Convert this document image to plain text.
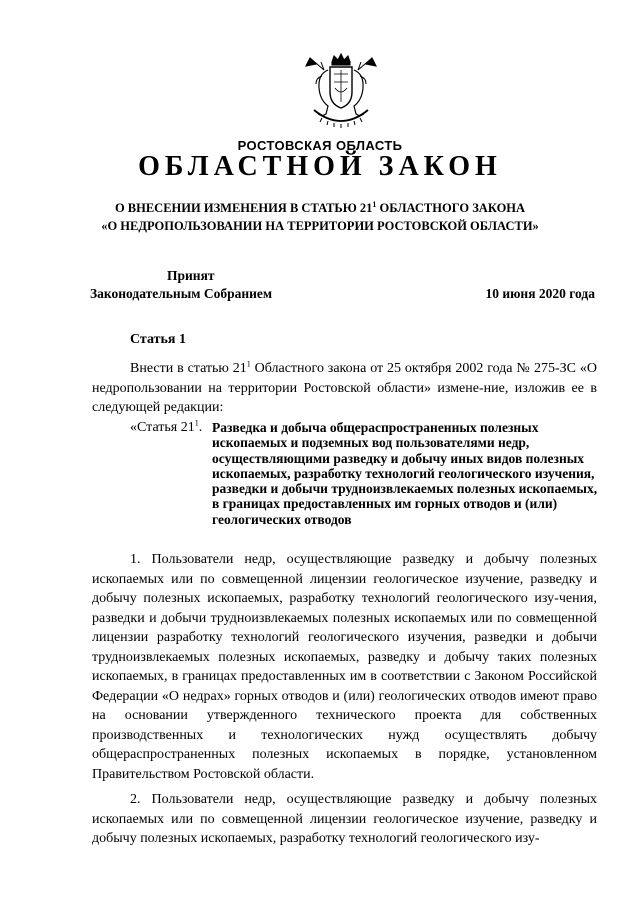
РОСТОВСКАЯ ОБЛАСТЬ
ОБЛАСТНОЙ ЗАКОН
О ВНЕСЕНИИ ИЗМЕНЕНИЯ В СТАТЬЮ $21^1$ ОБЛАСТНОГО ЗАКОНА
«О НЕДРОПОЛЬЗОВАНИИ НА ТЕРРИТОРИИ РОСТОВСКОЙ ОБЛАСТИ»
Принят
Законодательным Собранием	10 июня 2020 года
Статья 1
Внести в статью $21^1$ Областного закона от 25 октября 2002 года № 275-ЗС «О недропользовании на территории Ростовской области» измене-ние, изложив ее в следующей редакции:
«Статья $21^1$. Разведка и добыча общераспространенных полезных ископаемых и подземных вод пользователями недр, осуществляющими разведку и добычу иных видов полезных ископаемых, разработку технологий геологического изучения, разведки и добычи трудноизвлекаемых полезных ископаемых, в границах предоставленных им горных отводов и (или) геологических отводов
1. Пользователи недр, осуществляющие разведку и добычу полезных ископаемых или по совмещенной лицензии геологическое изучение, разведку и добычу полезных ископаемых, разработку технологий геологического изу-чения, разведки и добычи трудноизвлекаемых полезных ископаемых или по совмещенной лицензии разработку технологий геологического изучения, разведки и добычи трудноизвлекаемых полезных ископаемых, разведку и добычу таких полезных ископаемых, в границах предоставленных им в соответствии с Законом Российской Федерации «О недрах» горных отводов и (или) геологических отводов имеют право на основании утвержденного технического проекта для собственных производственных и технологических нужд осуществлять добычу общераспространенных полезных ископаемых в порядке, установленном Правительством Ростовской области.
2. Пользователи недр, осуществляющие разведку и добычу полезных ископаемых или по совмещенной лицензии геологическое изучение, разведку и добычу полезных ископаемых, разработку технологий геологического изу-
